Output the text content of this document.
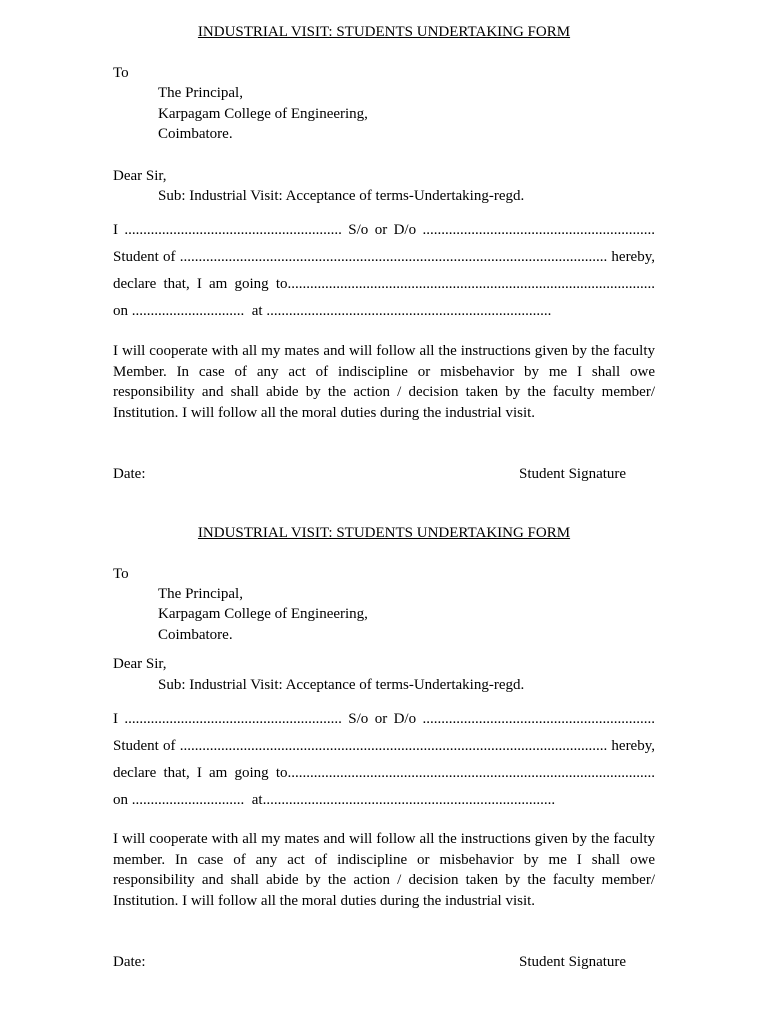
INDUSTRIAL VISIT: STUDENTS UNDERTAKING FORM
To
The Principal,
Karpagam College of Engineering,
Coimbatore.
Dear Sir,
Sub: Industrial Visit: Acceptance of terms-Undertaking-regd.
I .......................................................... S/o or D/o ..............................................................
Student of .................................................................................................................. hereby,
declare that, I am going to..................................................................................................
on ..............................  at ............................................................................
I will cooperate with all my mates and will follow all the instructions given by the faculty
Member. In case of any act of indiscipline or misbehavior by me I shall owe
responsibility and shall abide by the action / decision taken by the faculty member/
Institution. I will follow all the moral duties during the industrial visit.
Date:	Student Signature
INDUSTRIAL VISIT: STUDENTS UNDERTAKING FORM
To
The Principal,
Karpagam College of Engineering,
Coimbatore.
Dear Sir,
Sub: Industrial Visit: Acceptance of terms-Undertaking-regd.
I .......................................................... S/o or D/o ..............................................................
Student of .................................................................................................................. hereby,
declare that, I am going to..................................................................................................
on ..............................  at..............................................................................
I will cooperate with all my mates and will follow all the instructions given by the faculty
member. In case of any act of indiscipline or misbehavior by me I shall owe
responsibility and shall abide by the action / decision taken by the faculty member/
Institution. I will follow all the moral duties during the industrial visit.
Date:	Student Signature
